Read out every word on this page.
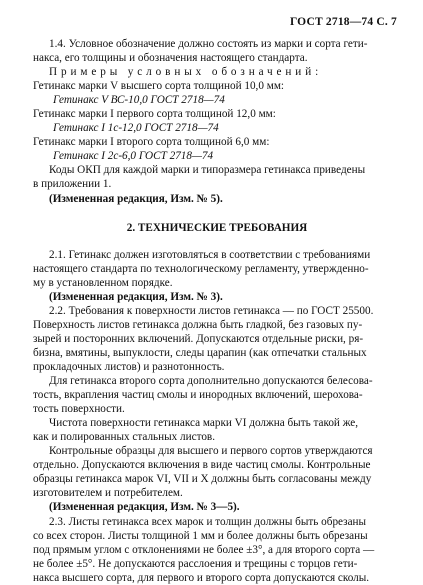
ГОСТ 2718—74 С. 7

1.4. Условное обозначение должно состоять из марки и сорта гети-
накса, его толщины и обозначения настоящего стандарта.

Примеры условных обозначений:

Гетинакс марки V высшего сорта толщиной 10,0 мм:
Гетинакс V ВС-10,0 ГОСТ 2718—74

Гетинакс марки I первого сорта толщиной 12,0 мм:
Гетинакс I 1с-12,0 ГОСТ 2718—74

Гетинакс марки I второго сорта толщиной 6,0 мм:
Гетинакс I 2с-6,0 ГОСТ 2718—74

Коды ОКП для каждой марки и типоразмера гетинакса приведены
в приложении 1.

(Измененная редакция, Изм. № 5).

2. ТЕХНИЧЕСКИЕ ТРЕБОВАНИЯ

2.1. Гетинакс должен изготовляться в соответствии с требованиями
настоящего стандарта по технологическому регламенту, утвержденно-
му в установленном порядке.

(Измененная редакция, Изм. № 3).

2.2. Требования к поверхности листов гетинакса — по ГОСТ 25500.
Поверхность листов гетинакса должна быть гладкой, без газовых пу-
зырей и посторонних включений. Допускаются отдельные риски, ря-
бизна, вмятины, выпуклости, следы царапин (как отпечатки стальных
прокладочных листов) и разнотонность.

Для гетинакса второго сорта дополнительно допускаются белесова-
тость, вкрапления частиц смолы и инородных включений, шерохова-
тость поверхности.

Чистота поверхности гетинакса марки VI должна быть такой же,
как и полированных стальных листов.

Контрольные образцы для высшего и первого сортов утверждаются
отдельно. Допускаются включения в виде частиц смолы. Контрольные
образцы гетинакса марок VI, VII и Х должны быть согласованы между
изготовителем и потребителем.

(Измененная редакция, Изм. № 3—5).

2.3. Листы гетинакса всех марок и толщин должны быть обрезаны
со всех сторон. Листы толщиной 1 мм и более должны быть обрезаны
под прямым углом с отклонениями не более ±3°, а для второго сорта —
не более ±5°. Не допускаются расслоения и трещины с торцов гети-
накса высшего сорта, для первого и второго сорта допускаются сколы.
